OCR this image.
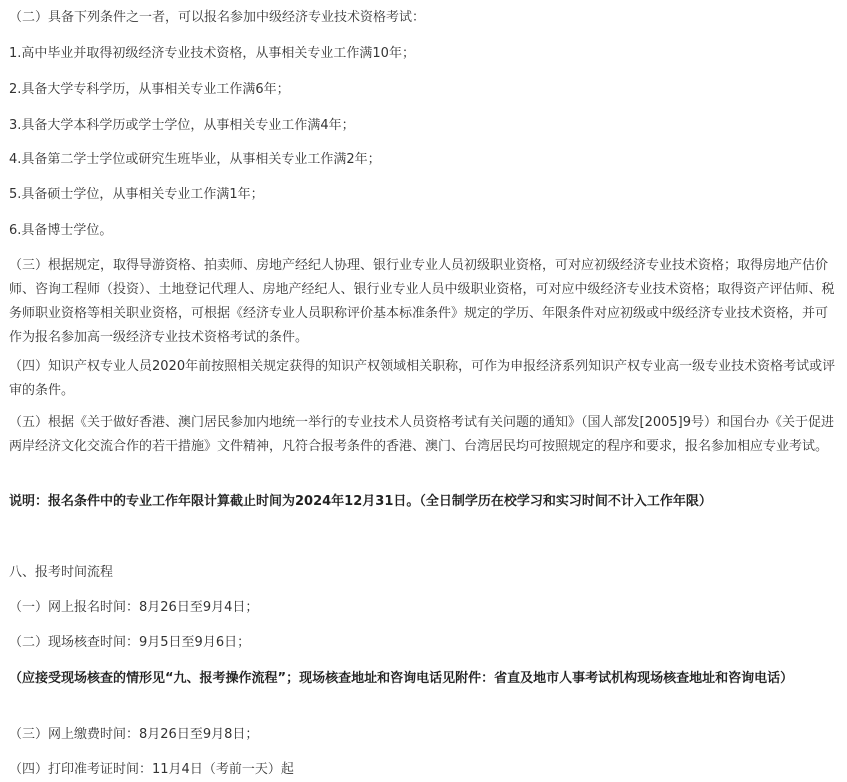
（二）具备下列条件之一者，可以报名参加中级经济专业技术资格考试：

1.高中毕业并取得初级经济专业技术资格，从事相关专业工作满10年；

2.具备大学专科学历，从事相关专业工作满6年；

3.具备大学本科学历或学士学位，从事相关专业工作满4年；

4.具备第二学士学位或研究生班毕业，从事相关专业工作满2年；

5.具备硕士学位，从事相关专业工作满1年；

6.具备博士学位。

（三）根据规定，取得导游资格、拍卖师、房地产经纪人协理、银行业专业人员初级职业资格，可对应初级经济专业技术资格；取得房地产估价师、咨询工程师（投资）、土地登记代理人、房地产经纪人、银行业专业人员中级职业资格，可对应中级经济专业技术资格；取得资产评估师、税务师职业资格等相关职业资格，可根据《经济专业人员职称评价基本标准条件》规定的学历、年限条件对应初级或中级经济专业技术资格，并可作为报名参加高一级经济专业技术资格考试的条件。

（四）知识产权专业人员2020年前按照相关规定获得的知识产权领域相关职称，可作为申报经济系列知识产权专业高一级专业技术资格考试或评审的条件。

（五）根据《关于做好香港、澳门居民参加内地统一举行的专业技术人员资格考试有关问题的通知》（国人部发[2005]9号）和国台办《关于促进两岸经济文化交流合作的若干措施》文件精神，凡符合报考条件的香港、澳门、台湾居民均可按照规定的程序和要求，报名参加相应专业考试。

说明：报名条件中的专业工作年限计算截止时间为2024年12月31日。（全日制学历在校学习和实习时间不计入工作年限）

八、报考时间流程

（一）网上报名时间：8月26日至9月4日；

（二）现场核查时间：9月5日至9月6日；

（应接受现场核查的情形见“九、报考操作流程”；现场核查地址和咨询电话见附件：省直及地市人事考试机构现场核查地址和咨询电话）

（三）网上缴费时间：8月26日至9月8日；

（四）打印准考证时间：11月4日（考前一天）起
